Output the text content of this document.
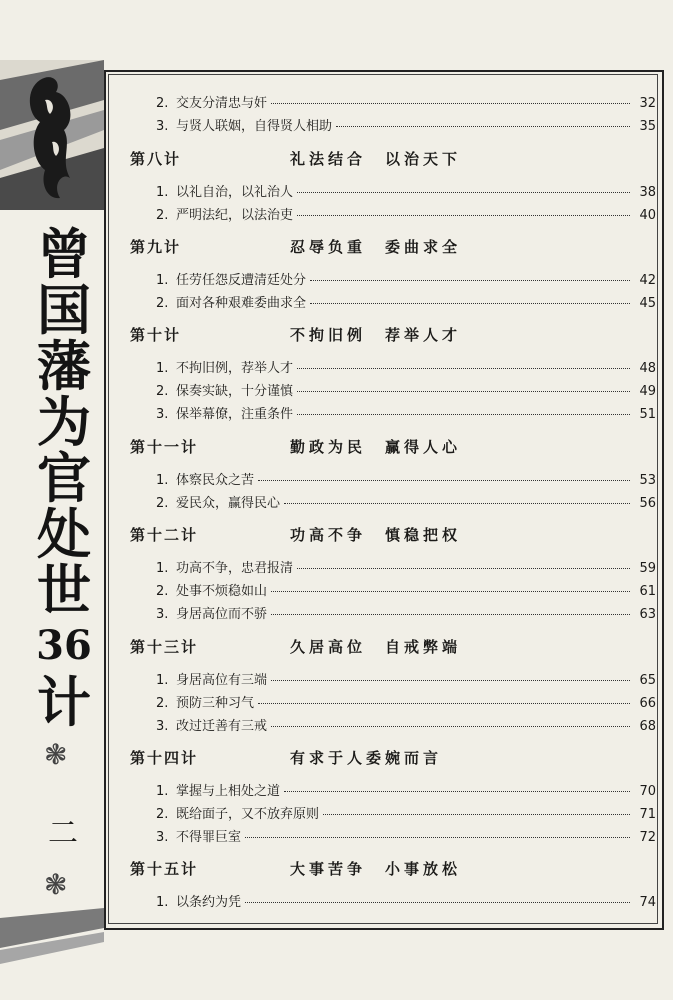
曾
国
藩
为
官
处
世
36
计
❃
二
❃
2. 交友分清忠与奸	32
3. 与贤人联姻，自得贤人相助	35
第八计	礼法结合　以治天下
1. 以礼自治，以礼治人	38
2. 严明法纪，以法治吏	40
第九计	忍辱负重　委曲求全
1. 任劳任怨反遭清廷处分	42
2. 面对各种艰难委曲求全	45
第十计	不拘旧例　荐举人才
1. 不拘旧例，荐举人才	48
2. 保奏实缺，十分谨慎	49
3. 保举幕僚，注重条件	51
第十一计	勤政为民　赢得人心
1. 体察民众之苦	53
2. 爱民众，赢得民心	56
第十二计	功高不争　慎稳把权
1. 功高不争，忠君报清	59
2. 处事不烦稳如山	61
3. 身居高位而不骄	63
第十三计	久居高位　自戒弊端
1. 身居高位有三端	65
2. 预防三种习气	66
3. 改过迁善有三戒	68
第十四计	有求于人委婉而言
1. 掌握与上相处之道	70
2. 既给面子，又不放弃原则	71
3. 不得罪巨室	72
第十五计	大事苦争　小事放松
1. 以条约为凭	74
